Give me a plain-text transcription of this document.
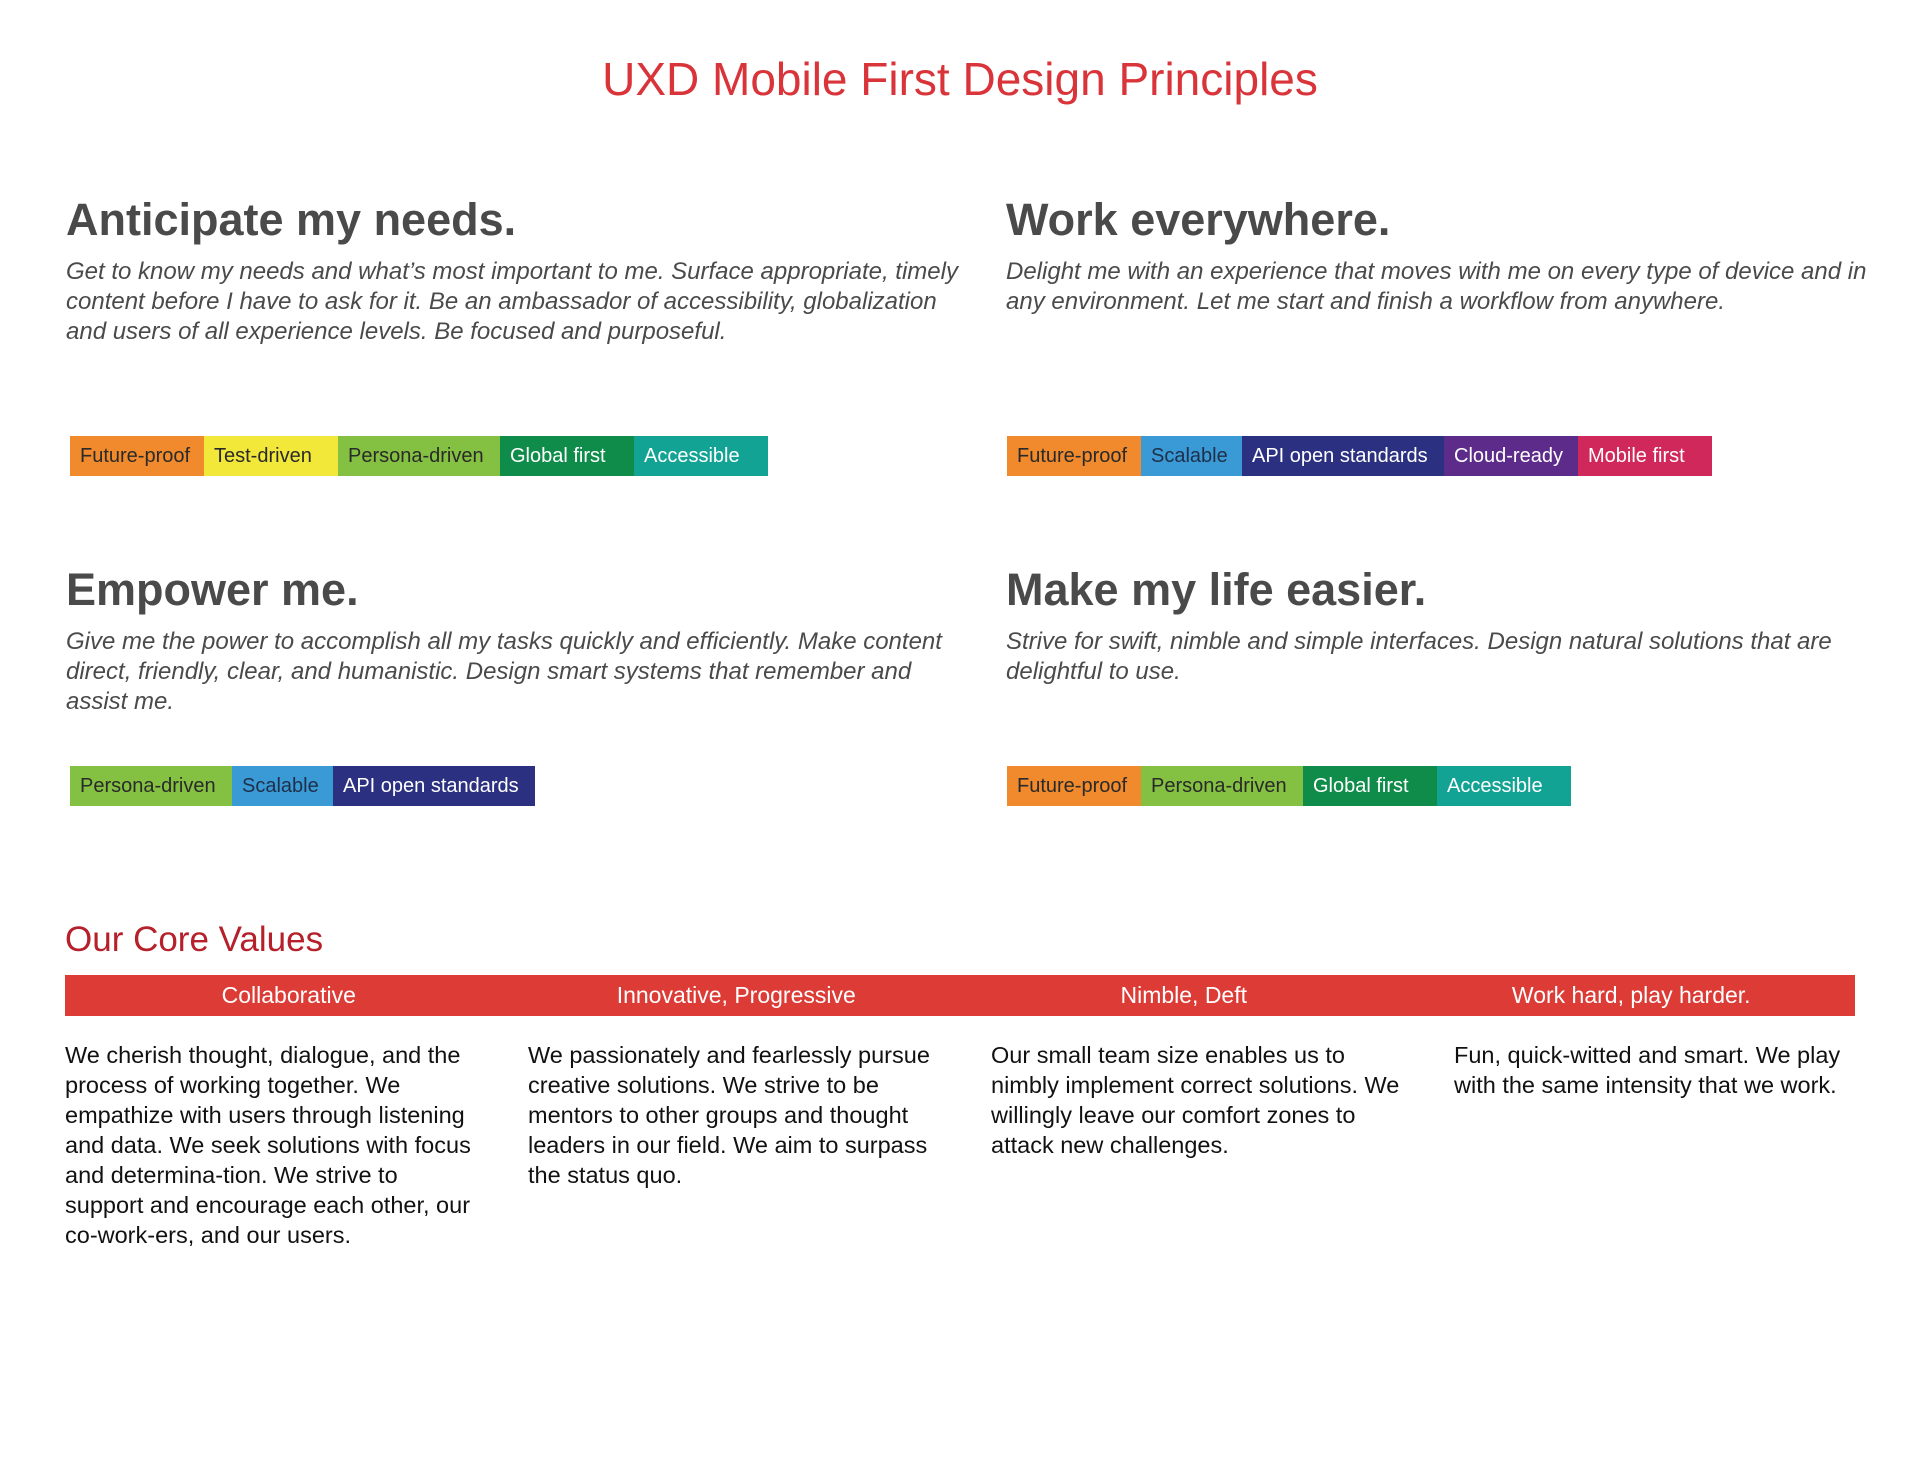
UXD Mobile First Design Principles
Anticipate my needs.

Get to know my needs and what’s most important to me. Surface appropriate, timely content before I have to ask for it. Be an ambassador of accessibility, globalization and users of all experience levels. Be focused and purposeful.

Future-proof	Test-driven	Persona-driven	Global first	Accessible
Work everywhere.

Delight me with an experience that moves with me on every type of device and in any environment. Let me start and finish a workflow from anywhere.

Future-proof	Scalable	API open standards	Cloud-ready	Mobile first
Empower me.

Give me the power to accomplish all my tasks quickly and efficiently. Make content direct, friendly, clear, and humanistic. Design smart systems that remember and assist me.

Persona-driven	Scalable	API open standards
Make my life easier.

Strive for swift, nimble and simple interfaces. Design natural solutions that are delightful to use.

Future-proof	Persona-driven	Global first	Accessible
Our Core Values
Collaborative	Innovative, Progressive	Nimble, Deft	Work hard, play harder.

We cherish thought, dialogue, and the process of working together. We empathize with users through listening and data. We seek solutions with focus and determina-tion. We strive to support and encourage each other, our co-work-ers, and our users.

We passionately and fearlessly pursue creative solutions. We strive to be mentors to other groups and thought leaders in our field. We aim to surpass the status quo.

Our small team size enables us to nimbly implement correct solutions. We willingly leave our comfort zones to attack new challenges.

Fun, quick-witted and smart. We play with the same intensity that we work.
